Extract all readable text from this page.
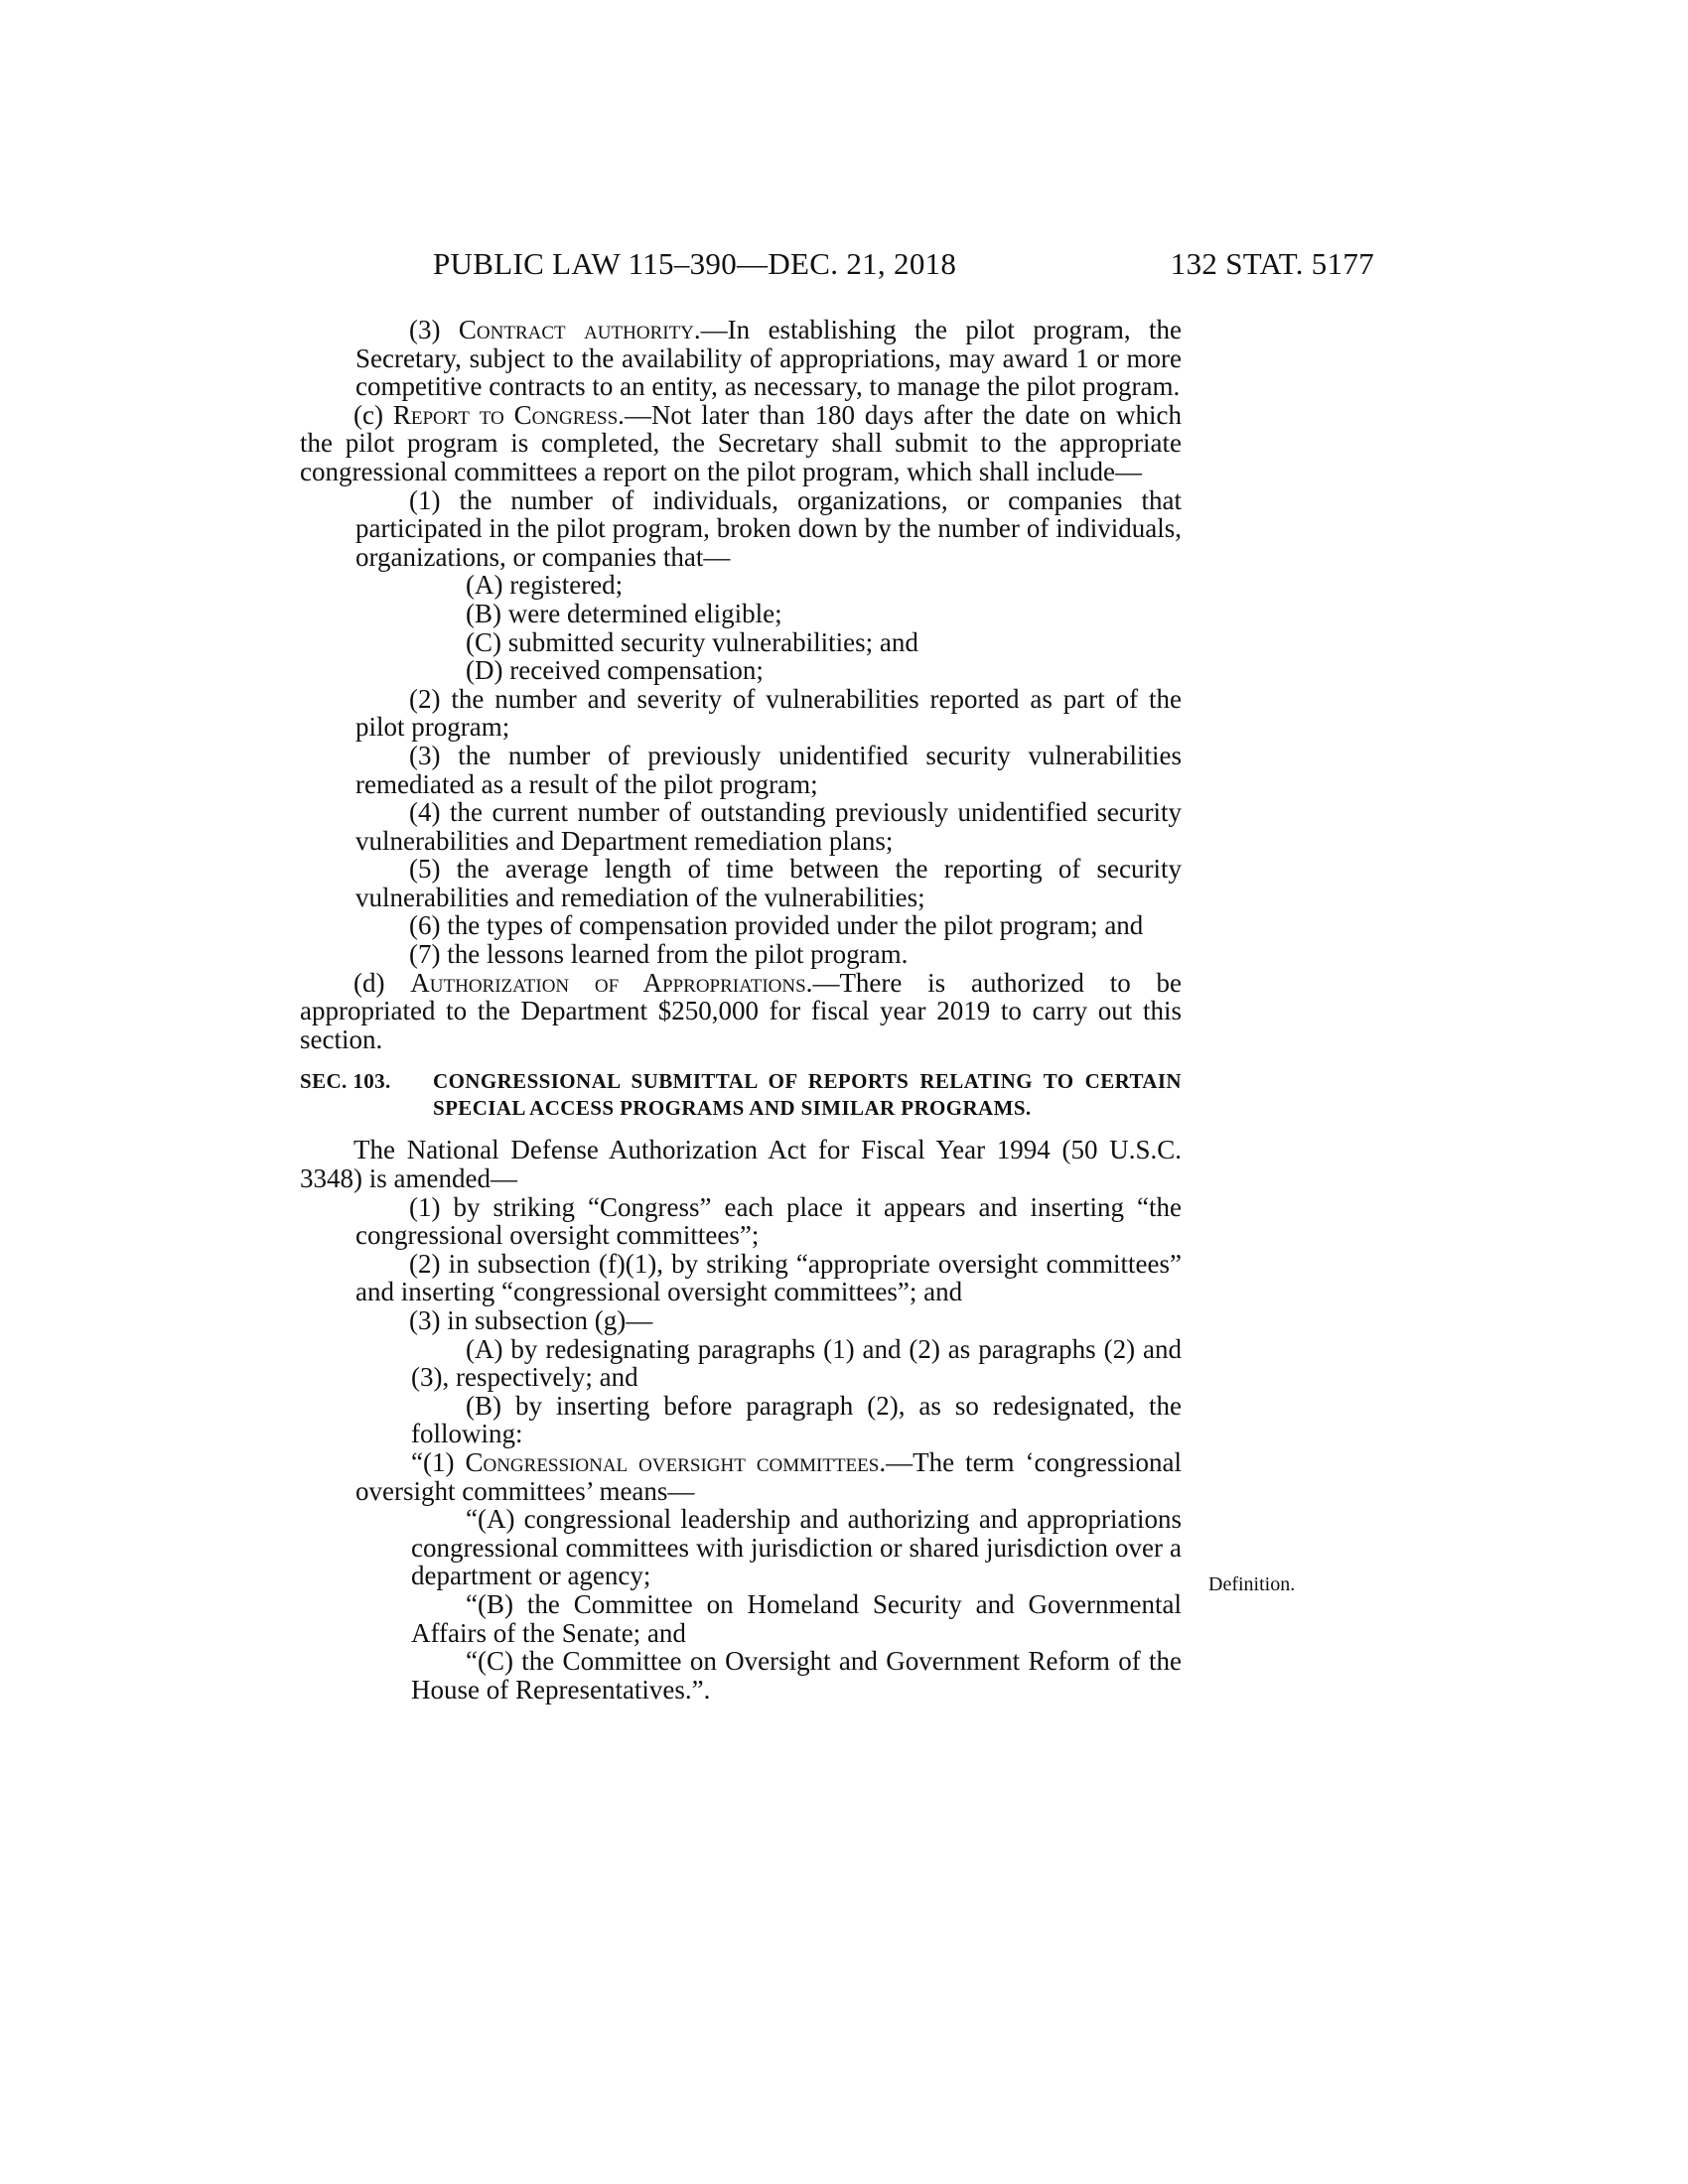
PUBLIC LAW 115–390—DEC. 21, 2018	132 STAT. 5177

(3) Contract authority.—In establishing the pilot program, the Secretary, subject to the availability of appropriations, may award 1 or more competitive contracts to an entity, as necessary, to manage the pilot program.

(c) Report to Congress.—Not later than 180 days after the date on which the pilot program is completed, the Secretary shall submit to the appropriate congressional committees a report on the pilot program, which shall include—

(1) the number of individuals, organizations, or companies that participated in the pilot program, broken down by the number of individuals, organizations, or companies that—

(A) registered;

(B) were determined eligible;

(C) submitted security vulnerabilities; and

(D) received compensation;

(2) the number and severity of vulnerabilities reported as part of the pilot program;

(3) the number of previously unidentified security vulnerabilities remediated as a result of the pilot program;

(4) the current number of outstanding previously unidentified security vulnerabilities and Department remediation plans;

(5) the average length of time between the reporting of security vulnerabilities and remediation of the vulnerabilities;

(6) the types of compensation provided under the pilot program; and

(7) the lessons learned from the pilot program.

(d) Authorization of Appropriations.—There is authorized to be appropriated to the Department $250,000 for fiscal year 2019 to carry out this section.

SEC. 103. CONGRESSIONAL SUBMITTAL OF REPORTS RELATING TO CERTAIN SPECIAL ACCESS PROGRAMS AND SIMILAR PROGRAMS.

The National Defense Authorization Act for Fiscal Year 1994 (50 U.S.C. 3348) is amended—

(1) by striking “Congress” each place it appears and inserting “the congressional oversight committees”;

(2) in subsection (f)(1), by striking “appropriate oversight committees” and inserting “congressional oversight committees”; and

(3) in subsection (g)—

(A) by redesignating paragraphs (1) and (2) as paragraphs (2) and (3), respectively; and

(B) by inserting before paragraph (2), as so redesignated, the following:

“(1) Congressional oversight committees.—The term ‘congressional oversight committees’ means—

“(A) congressional leadership and authorizing and appropriations congressional committees with jurisdiction or shared jurisdiction over a department or agency;

“(B) the Committee on Homeland Security and Governmental Affairs of the Senate; and

“(C) the Committee on Oversight and Government Reform of the House of Representatives.”.

Definition.
